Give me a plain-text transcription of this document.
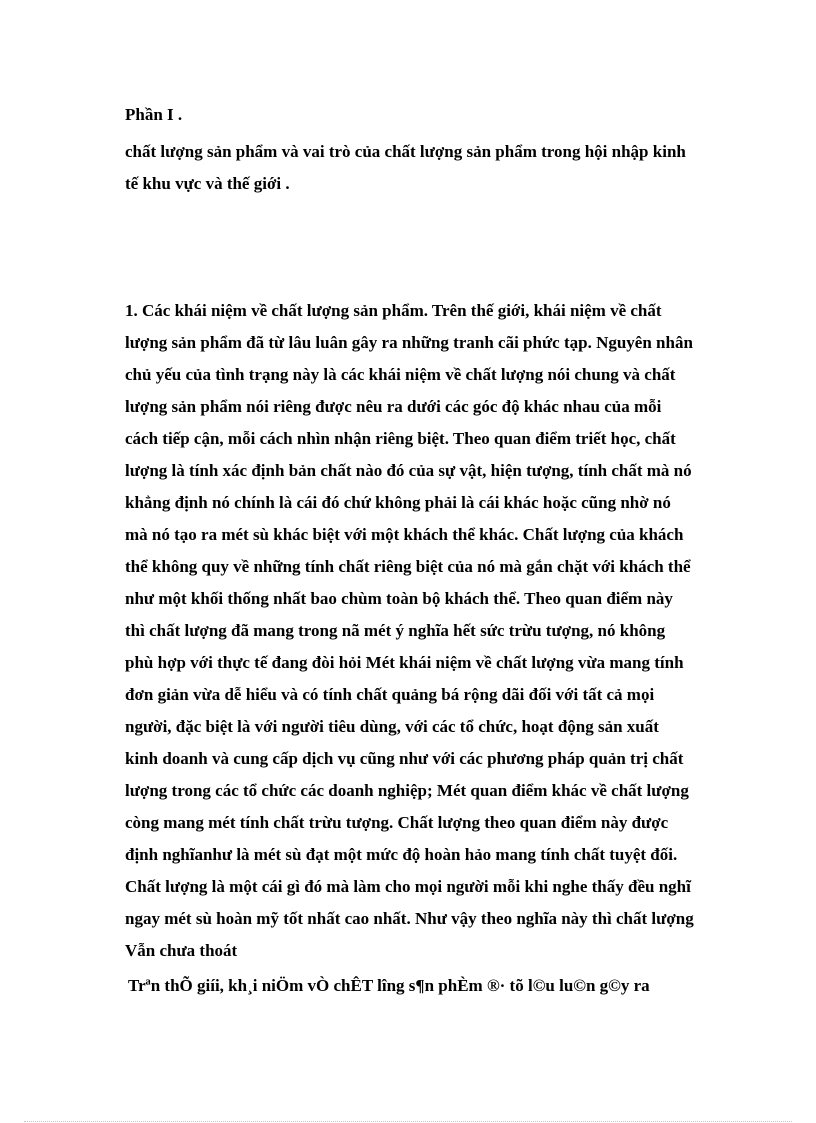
Phần I .

chất lượng sản phẩm và vai trò của chất lượng sản phẩm trong hội nhập kinh
tế khu vực và thế giới .

1. Các khái niệm về chất lượng sản phẩm. Trên thế giới, khái niệm về chất
lượng sản phẩm đã từ lâu luân gây ra những tranh cãi phức tạp. Nguyên nhân
chủ yếu của tình trạng này là các khái niệm về chất lượng nói chung và chất
lượng sản phẩm nói riêng được nêu ra dưới các góc độ khác nhau của mỗi
cách tiếp cận, mỗi cách nhìn nhận riêng biệt. Theo quan điểm triết học, chất
lượng là tính xác định bản chất nào đó của sự vật, hiện tượng, tính chất mà nó
khẳng định nó chính là cái đó chứ không phải là cái khác hoặc cũng nhờ nó
mà nó tạo ra mét sù khác biệt với một khách thể khác. Chất lượng của khách
thể không quy về những tính chất riêng biệt của nó mà gắn chặt với khách thể
như một khối thống nhất bao chùm toàn bộ khách thể. Theo quan điểm này
thì chất lượng đã mang trong nã mét ý nghĩa hết sức trừu tượng, nó không
phù hợp với thực tế đang đòi hỏi Mét khái niệm về chất lượng vừa mang tính
đơn giản vừa dễ hiểu và có tính chất quảng bá rộng dãi đối với tất cả mọi
người, đặc biệt là với người tiêu dùng, với các tổ chức, hoạt động sản xuất
kinh doanh và cung cấp dịch vụ cũng như với các phương pháp quản trị chất
lượng trong các tổ chức các doanh nghiệp; Mét quan điểm khác về chất lượng
còng mang mét tính chất trừu tượng. Chất lượng theo quan điểm này được
định nghĩanhư là mét sù đạt một mức độ hoàn hảo mang tính chất tuyệt đối.
Chất lượng là một cái gì đó mà làm cho mọi người mỗi khi nghe thấy đều nghĩ
ngay mét sù hoàn mỹ tốt nhất cao nhất. Như vậy theo nghĩa này thì chất lượng
Vẫn chưa thoát

Trªn thÕ giíi, kh¸i niÖm vÒ chÊT lîng s¶n phÈm ®· tõ l©u lu©n g©y ra
